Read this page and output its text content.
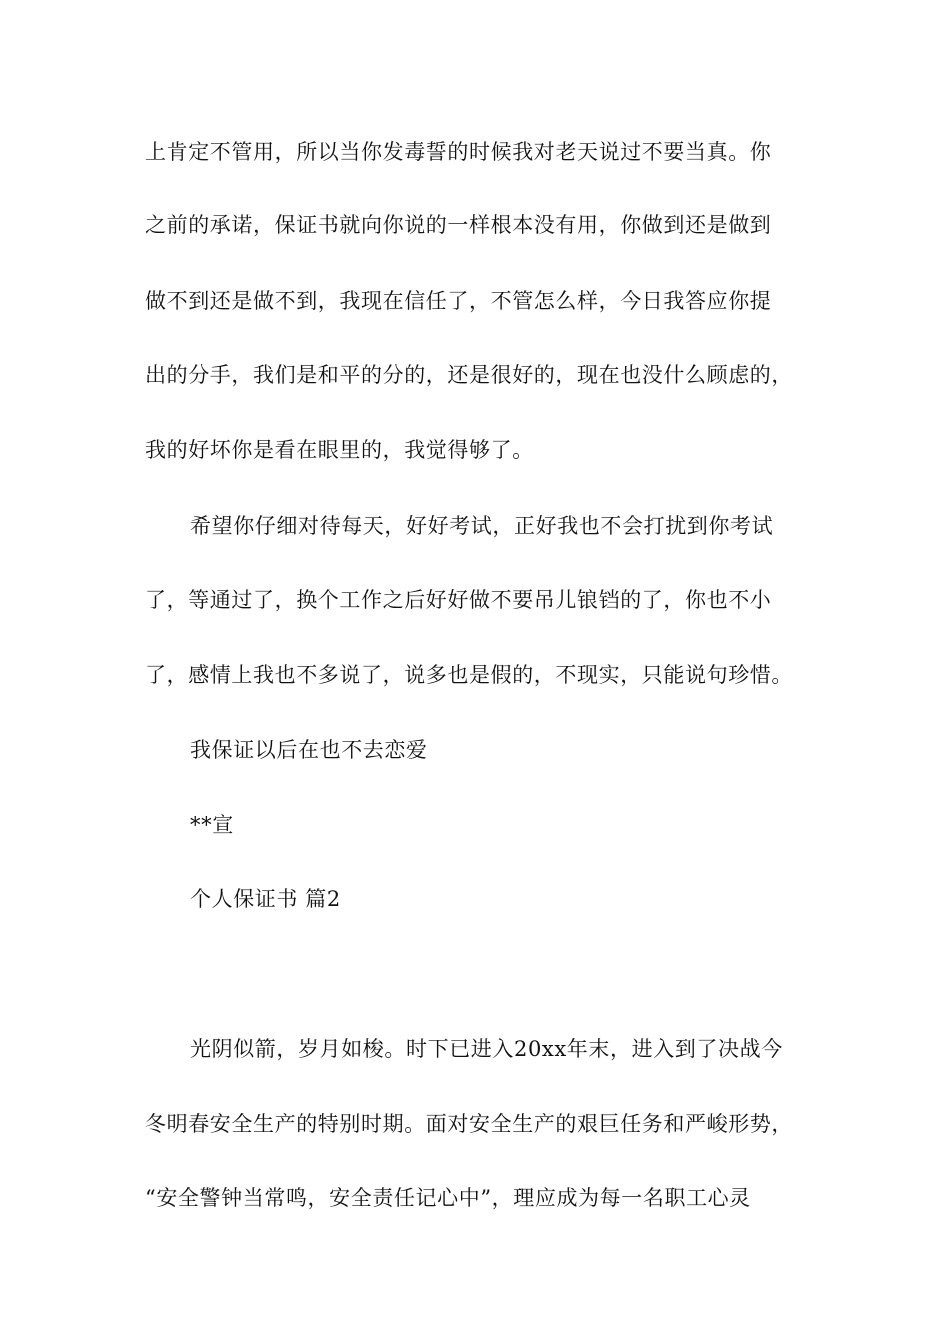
上肯定不管用，所以当你发毒誓的时候我对老天说过不要当真。你
之前的承诺，保证书就向你说的一样根本没有用，你做到还是做到
做不到还是做不到，我现在信任了，不管怎么样，今日我答应你提
出的分手，我们是和平的分的，还是很好的，现在也没什么顾虑的，
我的好坏你是看在眼里的，我觉得够了。
希望你仔细对待每天，好好考试，正好我也不会打扰到你考试
了，等通过了，换个工作之后好好做不要吊儿锒铛的了，你也不小
了，感情上我也不多说了，说多也是假的，不现实，只能说句珍惜。
我保证以后在也不去恋爱
**宣
个人保证书 篇2
光阴似箭，岁月如梭。时下已进入20xx年末，进入到了决战今
冬明春安全生产的特别时期。面对安全生产的艰巨任务和严峻形势，
“安全警钟当常鸣，安全责任记心中”，理应成为每一名职工心灵
